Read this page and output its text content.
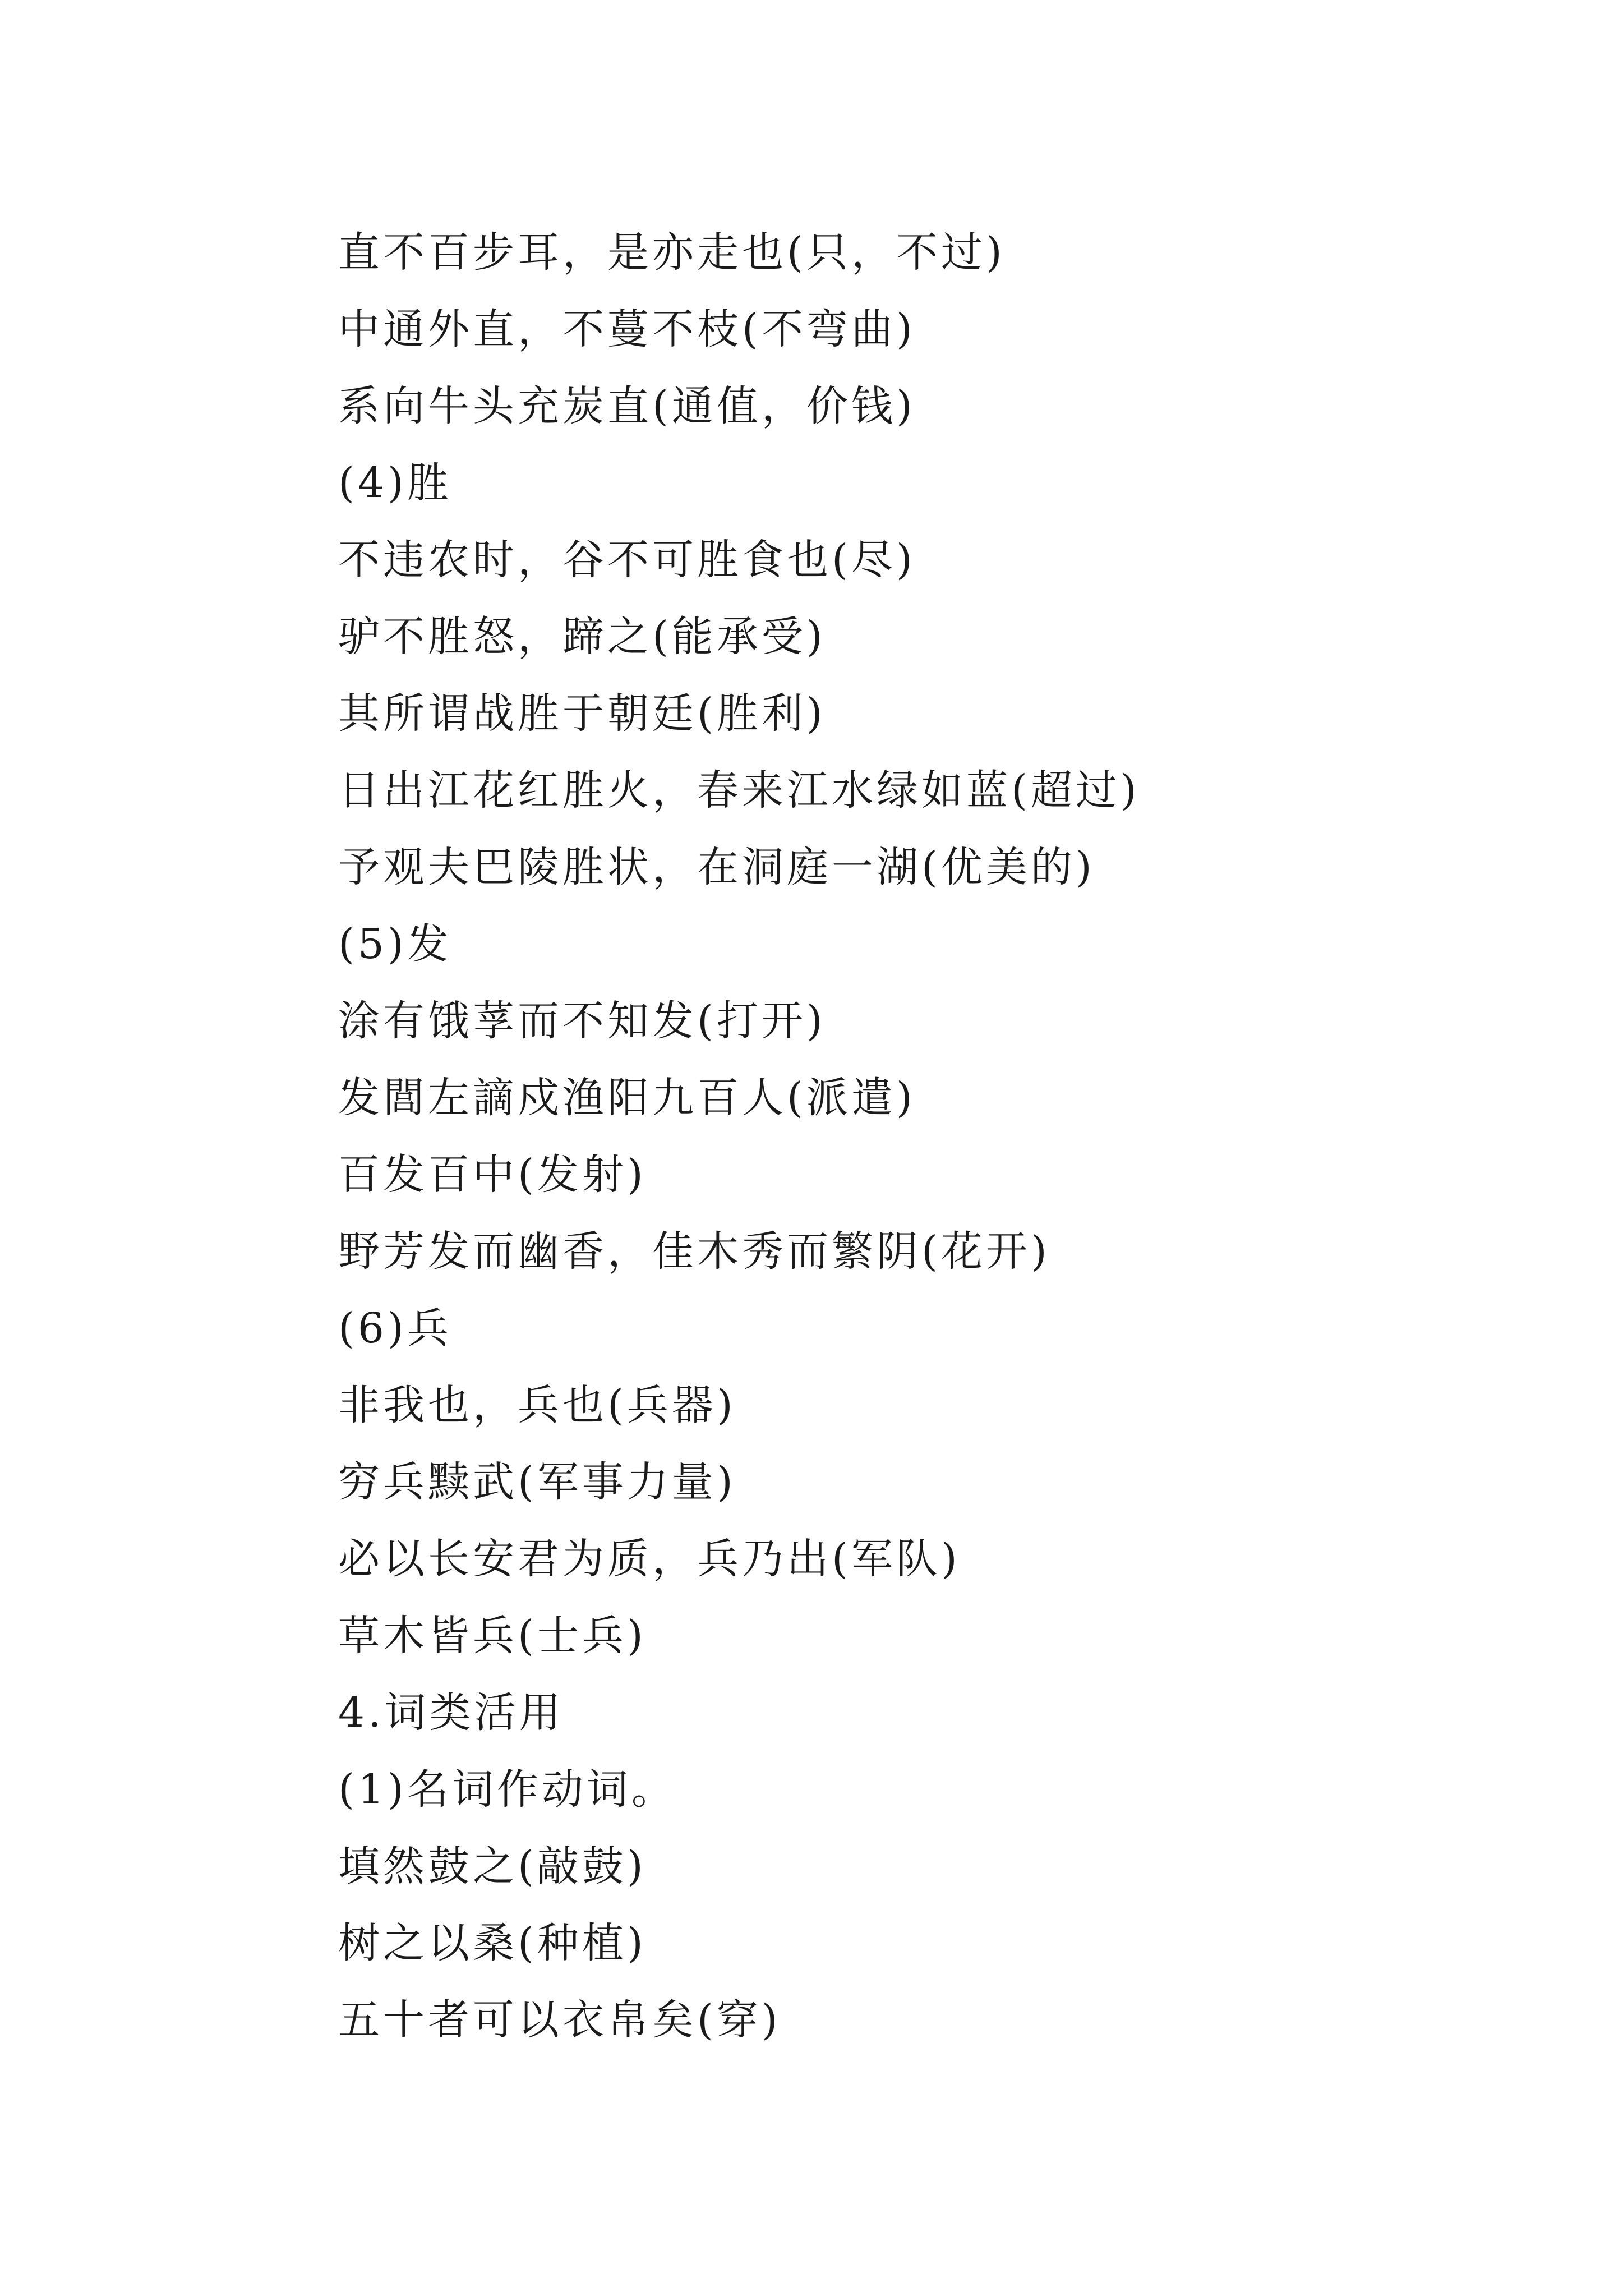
直不百步耳，是亦走也(只，不过)
中通外直，不蔓不枝(不弯曲)
系向牛头充炭直(通值，价钱)
(4)胜
不违农时，谷不可胜食也(尽)
驴不胜怒，蹄之(能承受)
其所谓战胜于朝廷(胜利)
日出江花红胜火，春来江水绿如蓝(超过)
予观夫巴陵胜状，在洞庭一湖(优美的)
(5)发
涂有饿莩而不知发(打开)
发閭左謫戍渔阳九百人(派遣)
百发百中(发射)
野芳发而幽香，佳木秀而繁阴(花开)
(6)兵
非我也，兵也(兵器)
穷兵黩武(军事力量)
必以长安君为质，兵乃出(军队)
草木皆兵(士兵)
4.词类活用
(1)名词作动词。
填然鼓之(敲鼓)
树之以桑(种植)
五十者可以衣帛矣(穿)
